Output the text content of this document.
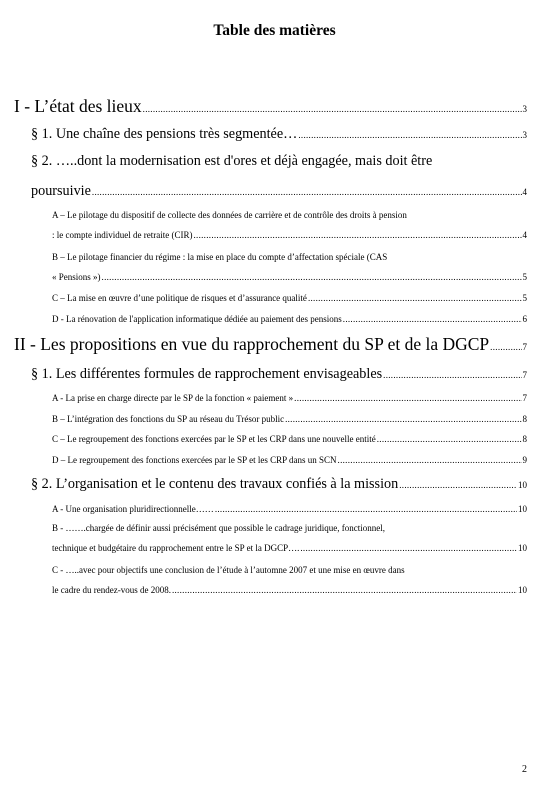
Table des matières
I - L’état des lieux .....	3
§ 1. Une chaîne des pensions très segmentée… .....	3
§ 2. …..dont la modernisation est d'ores et déjà engagée, mais doit être
poursuivie .....	4
A – Le pilotage du dispositif de collecte des données de carrière et de contrôle des droits à pension
: le compte individuel de retraite (CIR) .....	4
B – Le pilotage financier du régime : la mise en place du compte d’affectation spéciale (CAS
« Pensions ») .....	5
C – La mise en œuvre d’une politique de risques et d’assurance qualité .....	5
D - La rénovation de l'application informatique dédiée au paiement des pensions .....	6
II - Les propositions en vue du rapprochement du SP et de la DGCP .....	7
§ 1. Les différentes formules de rapprochement envisageables .....	7
A - La prise en charge directe par le SP de la fonction « paiement » .....	7
B – L’intégration des fonctions du SP au réseau du Trésor public .....	8
C – Le regroupement des fonctions exercées par le SP et les CRP dans une nouvelle entité .....	8
D – Le regroupement des fonctions exercées par le SP et les CRP dans un SCN .....	9
§ 2. L’organisation et le contenu des travaux confiés à la mission .....	10
A - Une organisation pluridirectionnelle…… .....	10
B - …….chargée de définir aussi précisément que possible le cadrage juridique, fonctionnel,
technique et budgétaire du rapprochement entre le SP et la DGCP…. .....	10
C - …..avec pour objectifs une conclusion de l’étude à l’automne 2007 et une mise en œuvre dans
le cadre du rendez-vous de 2008. .....	10
2
